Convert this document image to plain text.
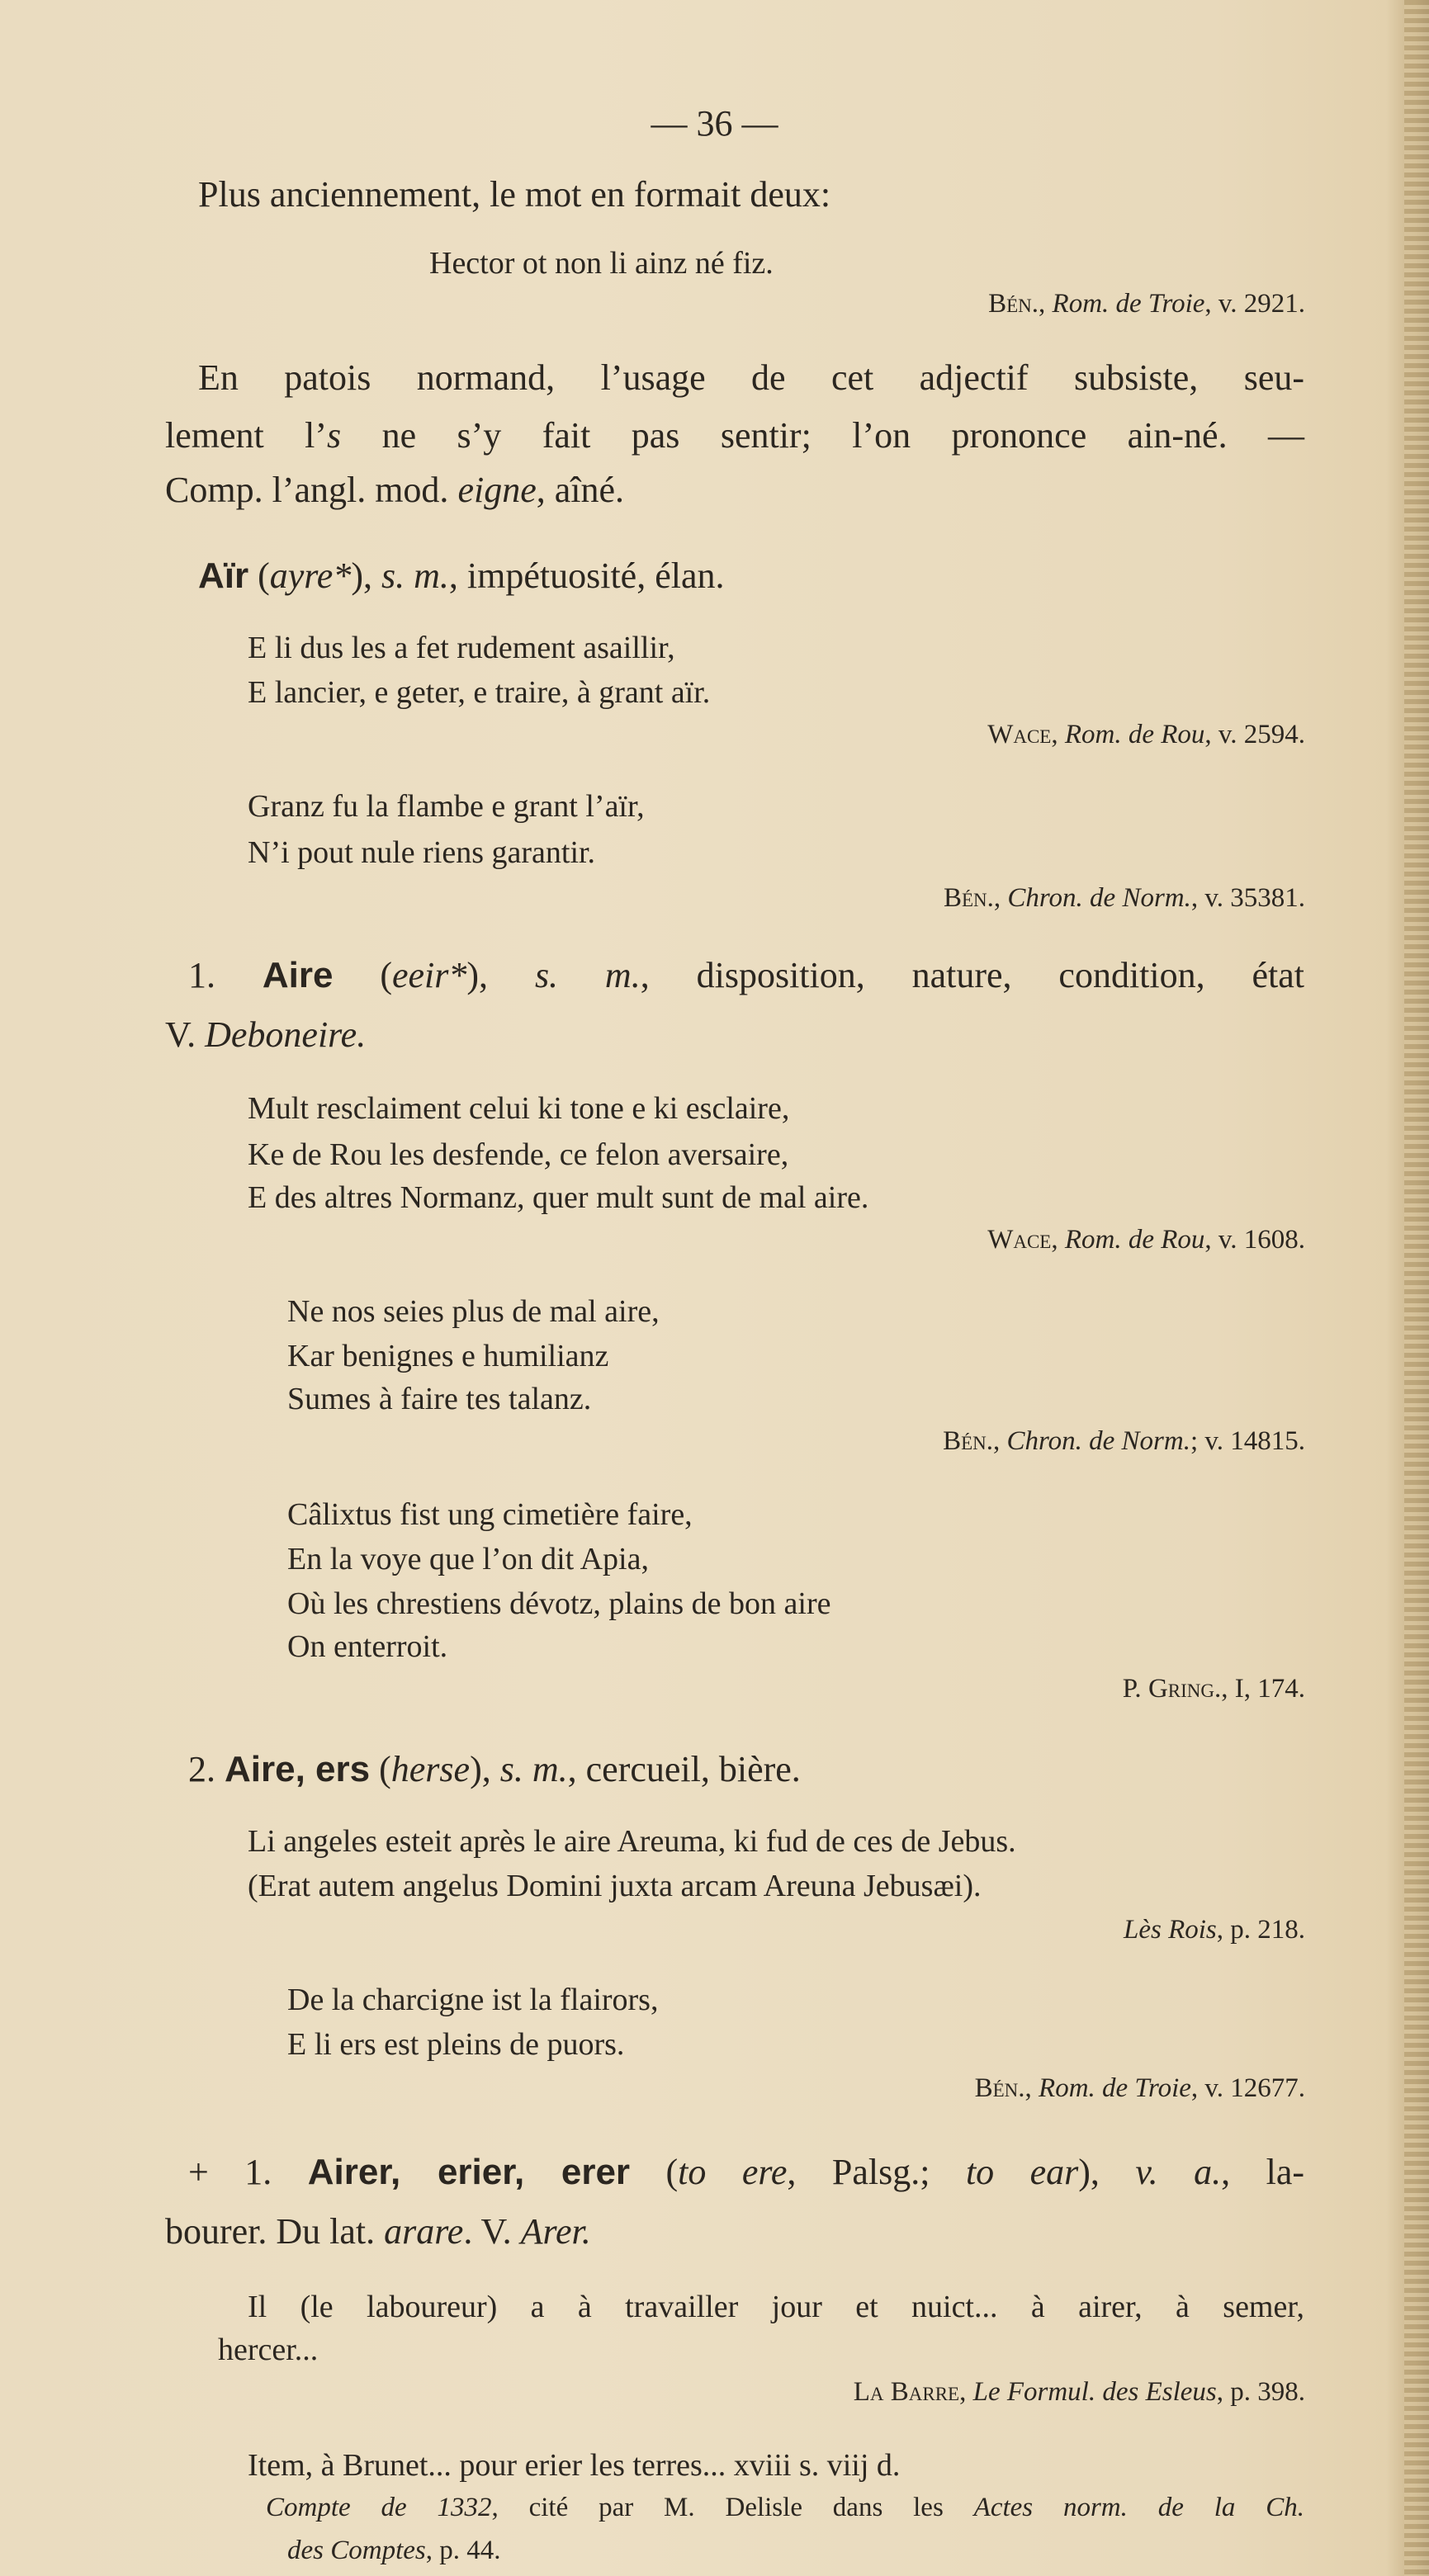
— 36 —
Plus anciennement, le mot en formait deux:
Hector ot non li ainz né fiz.
Bén., Rom. de Troie, v. 2921.
En patois normand, l’usage de cet adjectif subsiste, seu-
lement l’s ne s’y fait pas sentir; l’on prononce ain-né. —
Comp. l’angl. mod. eigne, aîné.
Aïr (ayre*), s. m., impétuosité, élan.
E li dus les a fet rudement asaillir,
E lancier, e geter, e traire, à grant aïr.
Wace, Rom. de Rou, v. 2594.
Granz fu la flambe e grant l’aïr,
N’i pout nule riens garantir.
Bén., Chron. de Norm., v. 35381.
1. Aire (eeir*), s. m., disposition, nature, condition, état
V. Deboneire.
Mult resclaiment celui ki tone e ki esclaire,
Ke de Rou les desfende, ce felon aversaire,
E des altres Normanz, quer mult sunt de mal aire.
Wace, Rom. de Rou, v. 1608.
Ne nos seies plus de mal aire,
Kar benignes e humilianz
Sumes à faire tes talanz.
Bén., Chron. de Norm.; v. 14815.
Câlixtus fist ung cimetière faire,
En la voye que l’on dit Apia,
Où les chrestiens dévotz, plains de bon aire
On enterroit.
P. Gring., I, 174.
2. Aire, ers (herse), s. m., cercueil, bière.
Li angeles esteit après le aire Areuma, ki fud de ces de Jebus.
(Erat autem angelus Domini juxta arcam Areuna Jebusæi).
Lès Rois, p. 218.
De la charcigne ist la flairors,
E li ers est pleins de puors.
Bén., Rom. de Troie, v. 12677.
+ 1. Airer, erier, erer (to ere, Palsg.; to ear), v. a., la-
bourer. Du lat. arare. V. Arer.
Il (le laboureur) a à travailler jour et nuict... à airer, à semer,
hercer...
La Barre, Le Formul. des Esleus, p. 398.
Item, à Brunet... pour erier les terres... xviii s. viij d.
Compte de 1332, cité par M. Delisle dans les Actes norm. de la Ch.
des Comptes, p. 44.
